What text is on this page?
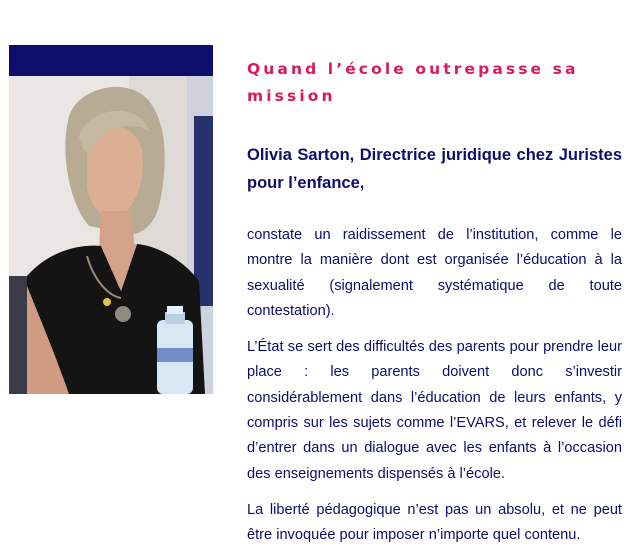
Quand l’école outrepasse sa mission

Olivia Sarton, Directrice juridique chez Juristes pour l’enfance,

constate un raidissement de l’institution, comme le montre la manière dont est organisée l’éducation à la sexualité (signalement systématique de toute contestation).

L’État se sert des difficultés des parents pour prendre leur place : les parents doivent donc s’investir considérablement dans l’éducation de leurs enfants, y compris sur les sujets comme l’EVARS, et relever le défi d’entrer dans un dialogue avec les enfants à l’occasion des enseignements dispensés à l’école.

La liberté pédagogique n’est pas un absolu, et ne peut être invoquée pour imposer n’importe quel contenu.
